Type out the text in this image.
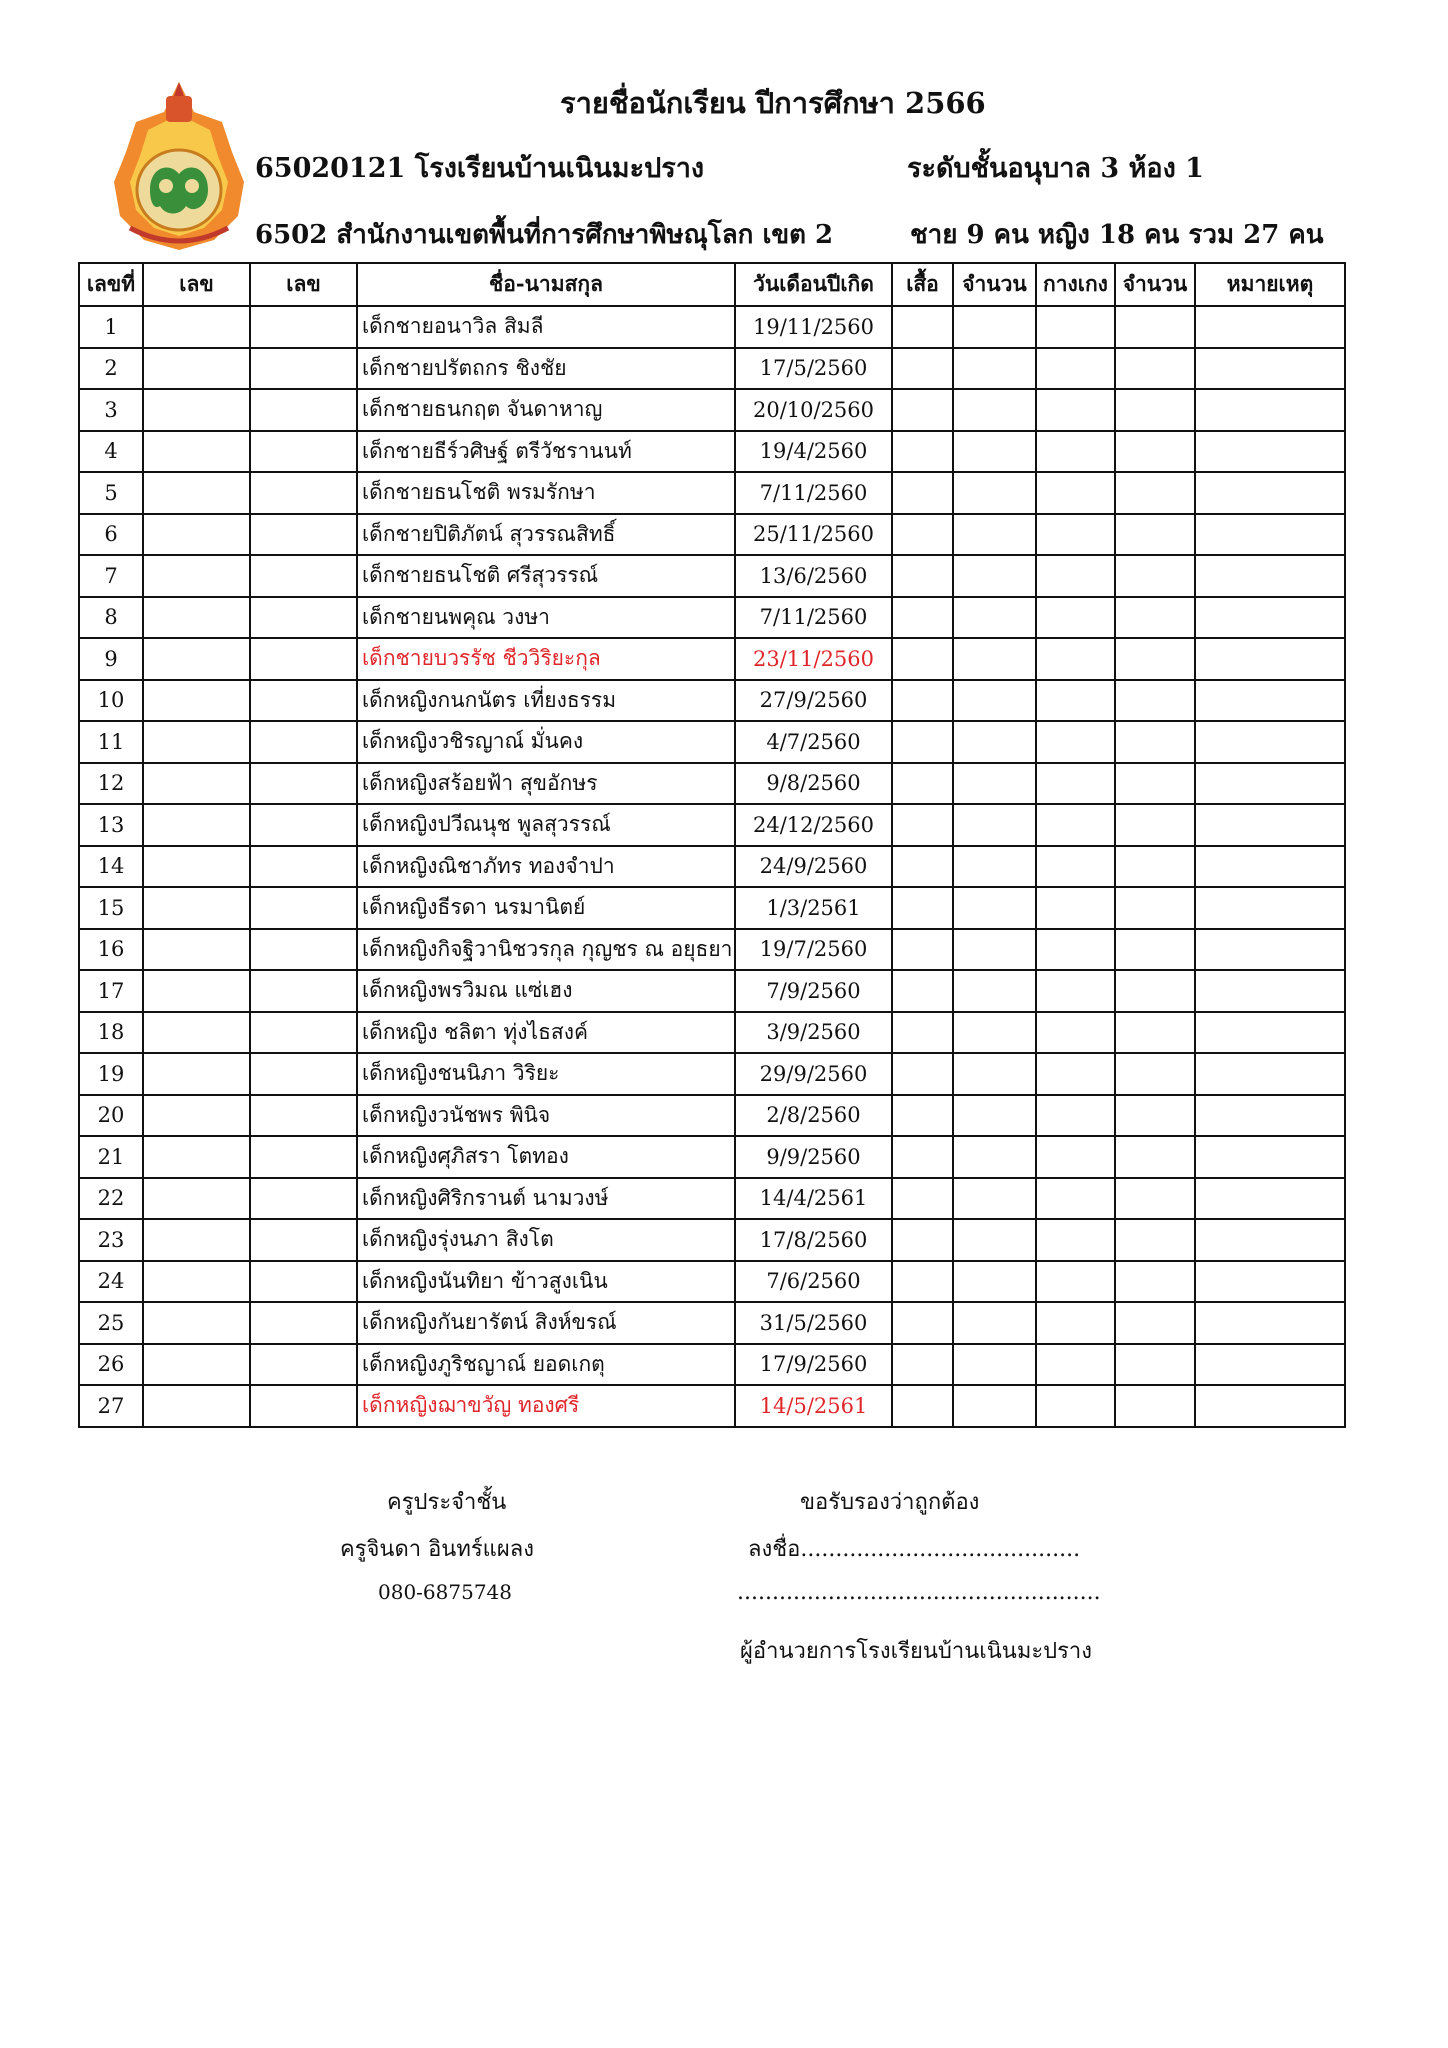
รายชื่อนักเรียน ปีการศึกษา 2566
65020121 โรงเรียนบ้านเนินมะปราง	ระดับชั้นอนุบาล 3 ห้อง 1
6502 สำนักงานเขตพื้นที่การศึกษาพิษณุโลก เขต 2	ชาย 9 คน หญิง 18 คน รวม 27 คน
เลขที่	เลข	เลข	ชื่อ-นามสกุล	วันเดือนปีเกิด	เสื้อ	จำนวน	กางเกง	จำนวน	หมายเหตุ
1			เด็กชายอนาวิล สิมลี	19/11/2560					
2			เด็กชายปรัตถกร ชิงชัย	17/5/2560					
3			เด็กชายธนกฤต จันดาหาญ	20/10/2560					
4			เด็กชายธีร์วศิษฐ์ ตรีวัชรานนท์	19/4/2560					
5			เด็กชายธนโชติ พรมรักษา	7/11/2560					
6			เด็กชายปิติภัตน์ สุวรรณสิทธิ์	25/11/2560					
7			เด็กชายธนโชติ ศรีสุวรรณ์	13/6/2560					
8			เด็กชายนพคุณ วงษา	7/11/2560					
9			เด็กชายบวรรัช ชีววิริยะกุล	23/11/2560					
10			เด็กหญิงกนกนัตร เที่ยงธรรม	27/9/2560					
11			เด็กหญิงวชิรญาณ์ มั่นคง	4/7/2560					
12			เด็กหญิงสร้อยฟ้า สุขอักษร	9/8/2560					
13			เด็กหญิงปวีณนุช พูลสุวรรณ์	24/12/2560					
14			เด็กหญิงณิชาภัทร ทองจำปา	24/9/2560					
15			เด็กหญิงธีรดา นรมานิตย์	1/3/2561					
16			เด็กหญิงกิจฐิวานิชวรกุล กุญชร ณ อยุธยา	19/7/2560					
17			เด็กหญิงพรวิมณ แซ่เฮง	7/9/2560					
18			เด็กหญิง ชลิตา ทุ่งไธสงค์	3/9/2560					
19			เด็กหญิงชนนิภา วิริยะ	29/9/2560					
20			เด็กหญิงวนัชพร พินิจ	2/8/2560					
21			เด็กหญิงศุภิสรา โตทอง	9/9/2560					
22			เด็กหญิงศิริกรานต์ นามวงษ์	14/4/2561					
23			เด็กหญิงรุ่งนภา สิงโต	17/8/2560					
24			เด็กหญิงนันทิยา ข้าวสูงเนิน	7/6/2560					
25			เด็กหญิงกันยารัตน์ สิงห์ขรณ์	31/5/2560					
26			เด็กหญิงภูริชญาณ์ ยอดเกตุ	17/9/2560					
27			เด็กหญิงฌาขวัญ ทองศรี	14/5/2561					
ครูประจำชั้น
ครูจินดา อินทร์แผลง
080-6875748
ขอรับรองว่าถูกต้อง
ลงชื่อ........................................
....................................................
ผู้อำนวยการโรงเรียนบ้านเนินมะปราง
